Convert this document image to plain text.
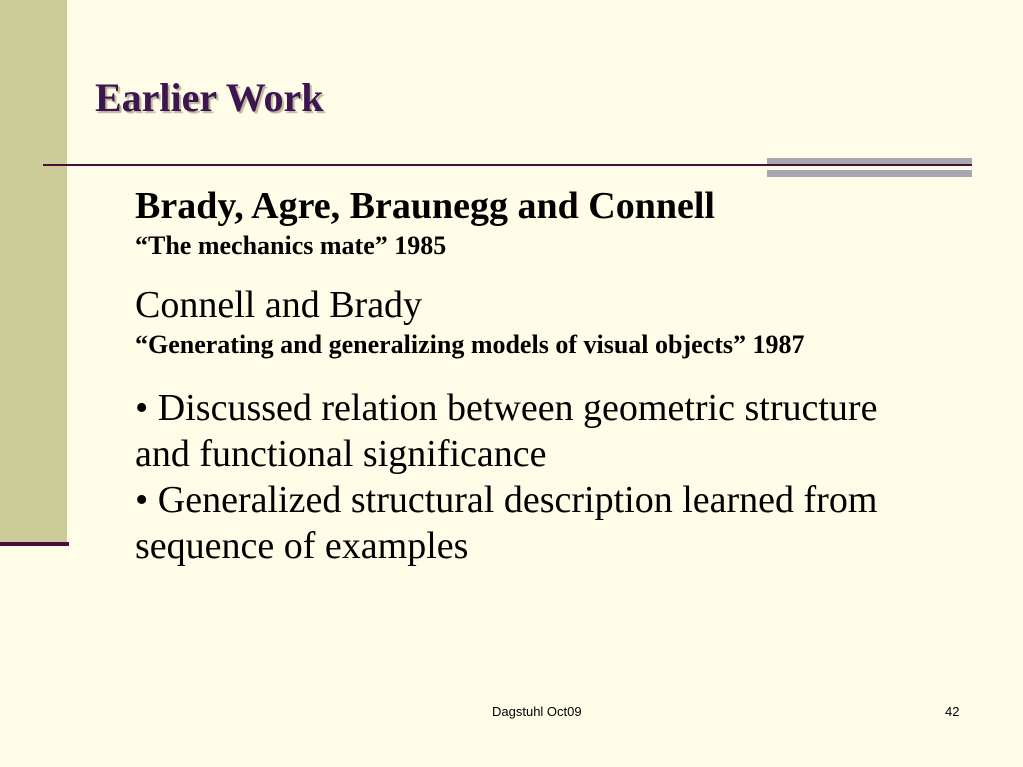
Earlier Work
Brady, Agre, Braunegg and Connell
“The mechanics mate” 1985
Connell and Brady
“Generating and generalizing models of visual objects” 1987
• Discussed relation between geometric structure and functional significance
• Generalized structural description learned from sequence of examples
Dagstuhl Oct09	42
